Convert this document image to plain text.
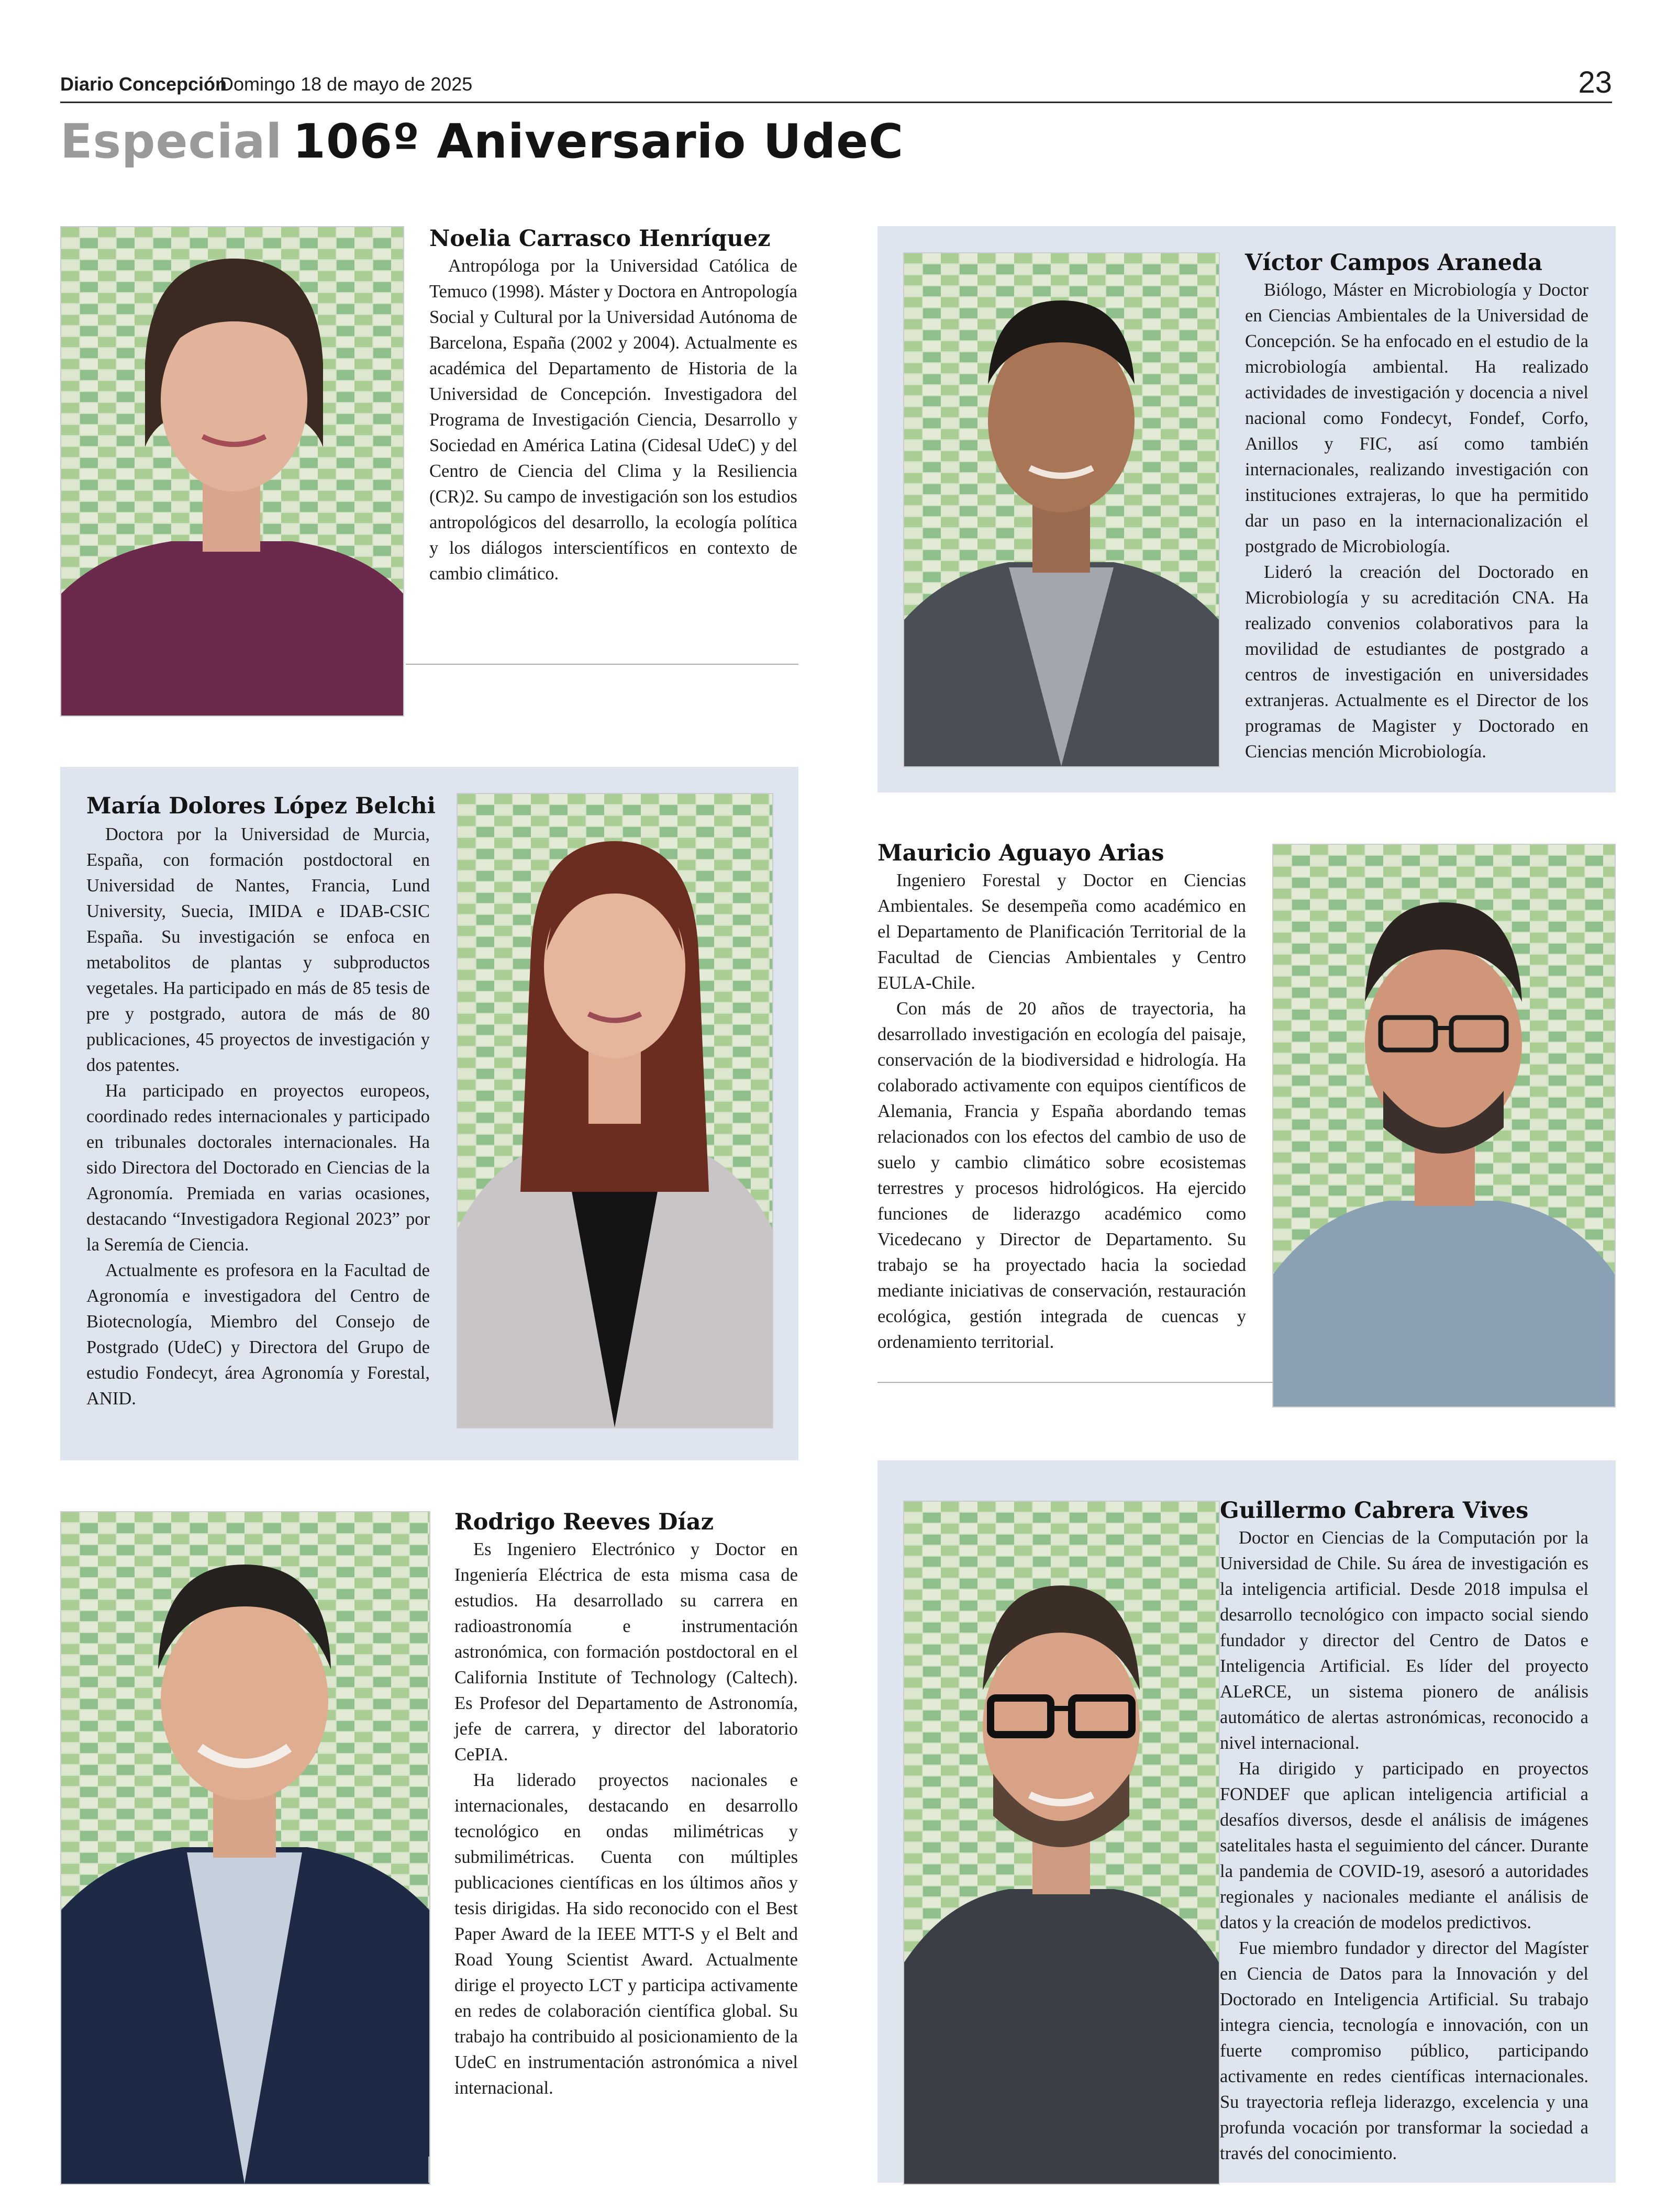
Diario Concepción
Domingo 18 de mayo de 2025	23
Especial 106º Aniversario UdeC
Noelia Carrasco Henríquez

Antropóloga por la Universidad Católica de Temuco (1998). Máster y Doctora en Antropología Social y Cultural por la Universidad Autónoma de Barcelona, España (2002 y 2004). Actualmente es académica del Departamento de Historia de la Universidad de Concepción. Investigadora del Programa de Investigación Ciencia, Desarrollo y Sociedad en América Latina (Cidesal UdeC) y del Centro de Ciencia del Clima y la Resiliencia (CR)2. Su campo de investigación son los estudios antropológicos del desarrollo, la ecología política y los diálogos interscientíficos en contexto de cambio climático.

Víctor Campos Araneda

Biólogo, Máster en Microbiología y Doctor en Ciencias Ambientales de la Universidad de Concepción. Se ha enfocado en el estudio de la microbiología ambiental. Ha realizado actividades de investigación y docencia a nivel nacional como Fondecyt, Fondef, Corfo, Anillos y FIC, así como también internacionales, realizando investigación con instituciones extrajeras, lo que ha permitido dar un paso en la internacionalización el postgrado de Microbiología.

Lideró la creación del Doctorado en Microbiología y su acreditación CNA. Ha realizado convenios colaborativos para la movilidad de estudiantes de postgrado a centros de investigación en universidades extranjeras. Actualmente es el Director de los programas de Magister y Doctorado en Ciencias mención Microbiología.

María Dolores López Belchi

Doctora por la Universidad de Murcia, España, con formación postdoctoral en Universidad de Nantes, Francia, Lund University, Suecia, IMIDA e IDAB-CSIC España. Su investigación se enfoca en metabolitos de plantas y subproductos vegetales. Ha participado en más de 85 tesis de pre y postgrado, autora de más de 80 publicaciones, 45 proyectos de investigación y dos patentes.

Ha participado en proyectos europeos, coordinado redes internacionales y participado en tribunales doctorales internacionales. Ha sido Directora del Doctorado en Ciencias de la Agronomía. Premiada en varias ocasiones, destacando “Investigadora Regional 2023” por la Seremía de Ciencia.

Actualmente es profesora en la Facultad de Agronomía e investigadora del Centro de Biotecnología, Miembro del Consejo de Postgrado (UdeC) y Directora del Grupo de estudio Fondecyt, área Agronomía y Forestal, ANID.

Mauricio Aguayo Arias

Ingeniero Forestal y Doctor en Ciencias Ambientales. Se desempeña como académico en el Departamento de Planificación Territorial de la Facultad de Ciencias Ambientales y Centro EULA-Chile.

Con más de 20 años de trayectoria, ha desarrollado investigación en ecología del paisaje, conservación de la biodiversidad e hidrología. Ha colaborado activamente con equipos científicos de Alemania, Francia y España abordando temas relacionados con los efectos del cambio de uso de suelo y cambio climático sobre ecosistemas terrestres y procesos hidrológicos. Ha ejercido funciones de liderazgo académico como Vicedecano y Director de Departamento. Su trabajo se ha proyectado hacia la sociedad mediante iniciativas de conservación, restauración ecológica, gestión integrada de cuencas y ordenamiento territorial.

Rodrigo Reeves Díaz

Es Ingeniero Electrónico y Doctor en Ingeniería Eléctrica de esta misma casa de estudios. Ha desarrollado su carrera en radioastronomía e instrumentación astronómica, con formación postdoctoral en el California Institute of Technology (Caltech). Es Profesor del Departamento de Astronomía, jefe de carrera, y director del laboratorio CePIA.

Ha liderado proyectos nacionales e internacionales, destacando en desarrollo tecnológico en ondas milimétricas y submilimétricas. Cuenta con múltiples publicaciones científicas en los últimos años y tesis dirigidas. Ha sido reconocido con el Best Paper Award de la IEEE MTT-S y el Belt and Road Young Scientist Award. Actualmente dirige el proyecto LCT y participa activamente en redes de colaboración científica global. Su trabajo ha contribuido al posicionamiento de la UdeC en instrumentación astronómica a nivel internacional.

Guillermo Cabrera Vives

Doctor en Ciencias de la Computación por la Universidad de Chile. Su área de investigación es la inteligencia artificial. Desde 2018 impulsa el desarrollo tecnológico con impacto social siendo fundador y director del Centro de Datos e Inteligencia Artificial. Es líder del proyecto ALeRCE, un sistema pionero de análisis automático de alertas astronómicas, reconocido a nivel internacional.

Ha dirigido y participado en proyectos FONDEF que aplican inteligencia artificial a desafíos diversos, desde el análisis de imágenes satelitales hasta el seguimiento del cáncer. Durante la pandemia de COVID-19, asesoró a autoridades regionales y nacionales mediante el análisis de datos y la creación de modelos predictivos.

Fue miembro fundador y director del Magíster en Ciencia de Datos para la Innovación y del Doctorado en Inteligencia Artificial. Su trabajo integra ciencia, tecnología e innovación, con un fuerte compromiso público, participando activamente en redes científicas internacionales. Su trayectoria refleja liderazgo, excelencia y una profunda vocación por transformar la sociedad a través del conocimiento.
